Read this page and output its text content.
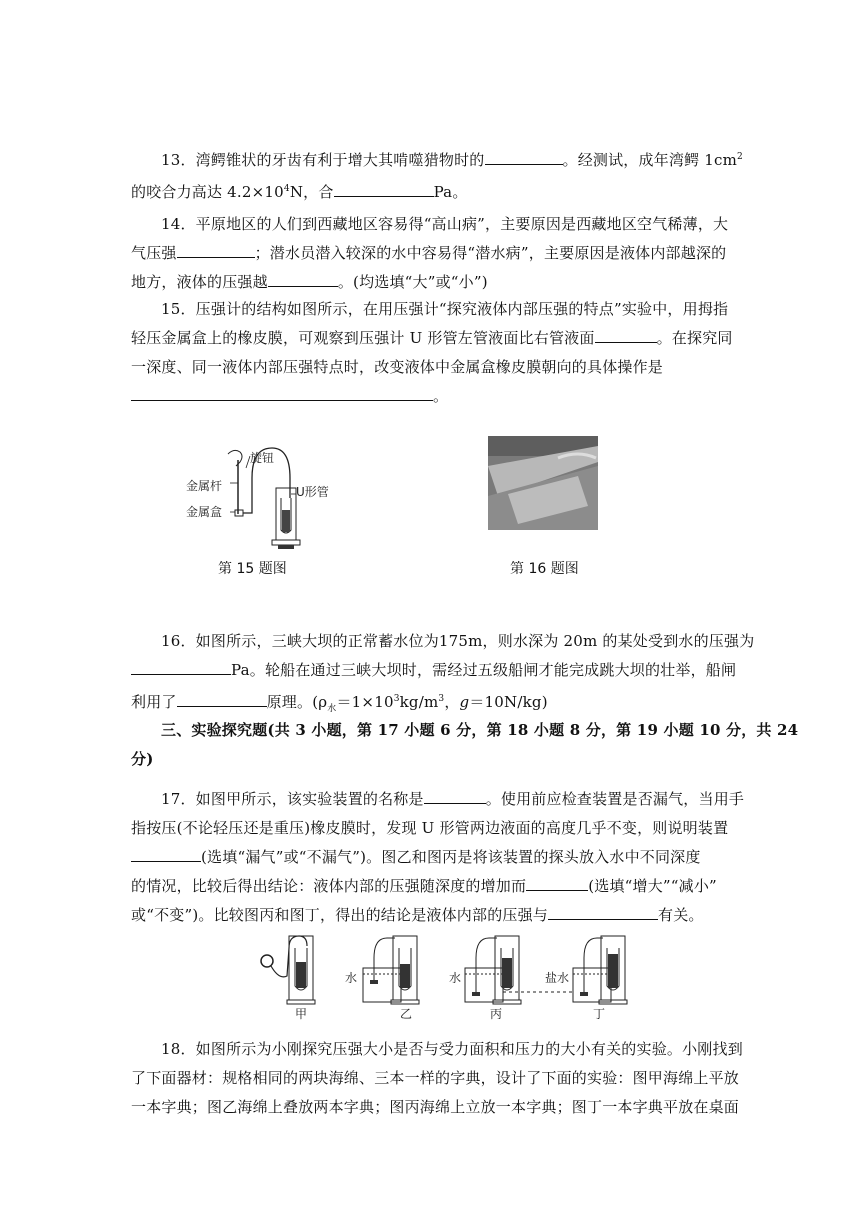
13．湾鳄锥状的牙齿有利于增大其啃噬猎物时的	。经测试，成年湾鳄 $1cm^2$
的咬合力高达 $4.2\times 10^4N$，合	Pa。

14．平原地区的人们到西藏地区容易得“高山病”，主要原因是西藏地区空气稀薄，大
气压强	；潜水员潜入较深的水中容易得“潜水病”，主要原因是液体内部越深的
地方，液体的压强越	。(均选填“大”或“小”)

15．压强计的结构如图所示，在用压强计“探究液体内部压强的特点”实验中，用拇指
轻压金属盒上的橡皮膜，可观察到压强计 U 形管左管液面比右管液面	。在探究同
一深度、同一液体内部压强特点时，改变液体中金属盒橡皮膜朝向的具体操作是
。

旋钮
金属杆	U形管
金属盒
第 15 题图	第 16 题图

16．如图所示，三峡大坝的正常蓄水位为175m，则水深为 20m 的某处受到水的压强为
Pa。轮船在通过三峡大坝时，需经过五级船闸才能完成跳大坝的壮举，船闸
利用了	原理。($\rho_水=1\times 10^3kg/m^3$，g＝10N/kg)

三、实验探究题(共 3 小题，第 17 小题 6 分，第 18 小题 8 分，第 19 小题 10 分，共 24
分)

17．如图甲所示，该实验装置的名称是	。使用前应检查装置是否漏气，当用手
指按压(不论轻压还是重压)橡皮膜时，发现 U 形管两边液面的高度几乎不变，则说明装置
(选填“漏气”或“不漏气”)。图乙和图丙是将该装置的探头放入水中不同深度
的情况，比较后得出结论：液体内部的压强随深度的增加而	(选填“增大”“减小”
或“不变”)。比较图丙和图丁，得出的结论是液体内部的压强与	有关。

甲
水
乙
水
丙
盐水
丁

18．如图所示为小刚探究压强大小是否与受力面积和压力的大小有关的实验。小刚找到
了下面器材：规格相同的两块海绵、三本一样的字典，设计了下面的实验：图甲海绵上平放
一本字典；图乙海绵上叠放两本字典；图丙海绵上立放一本字典；图丁一本字典平放在桌面
